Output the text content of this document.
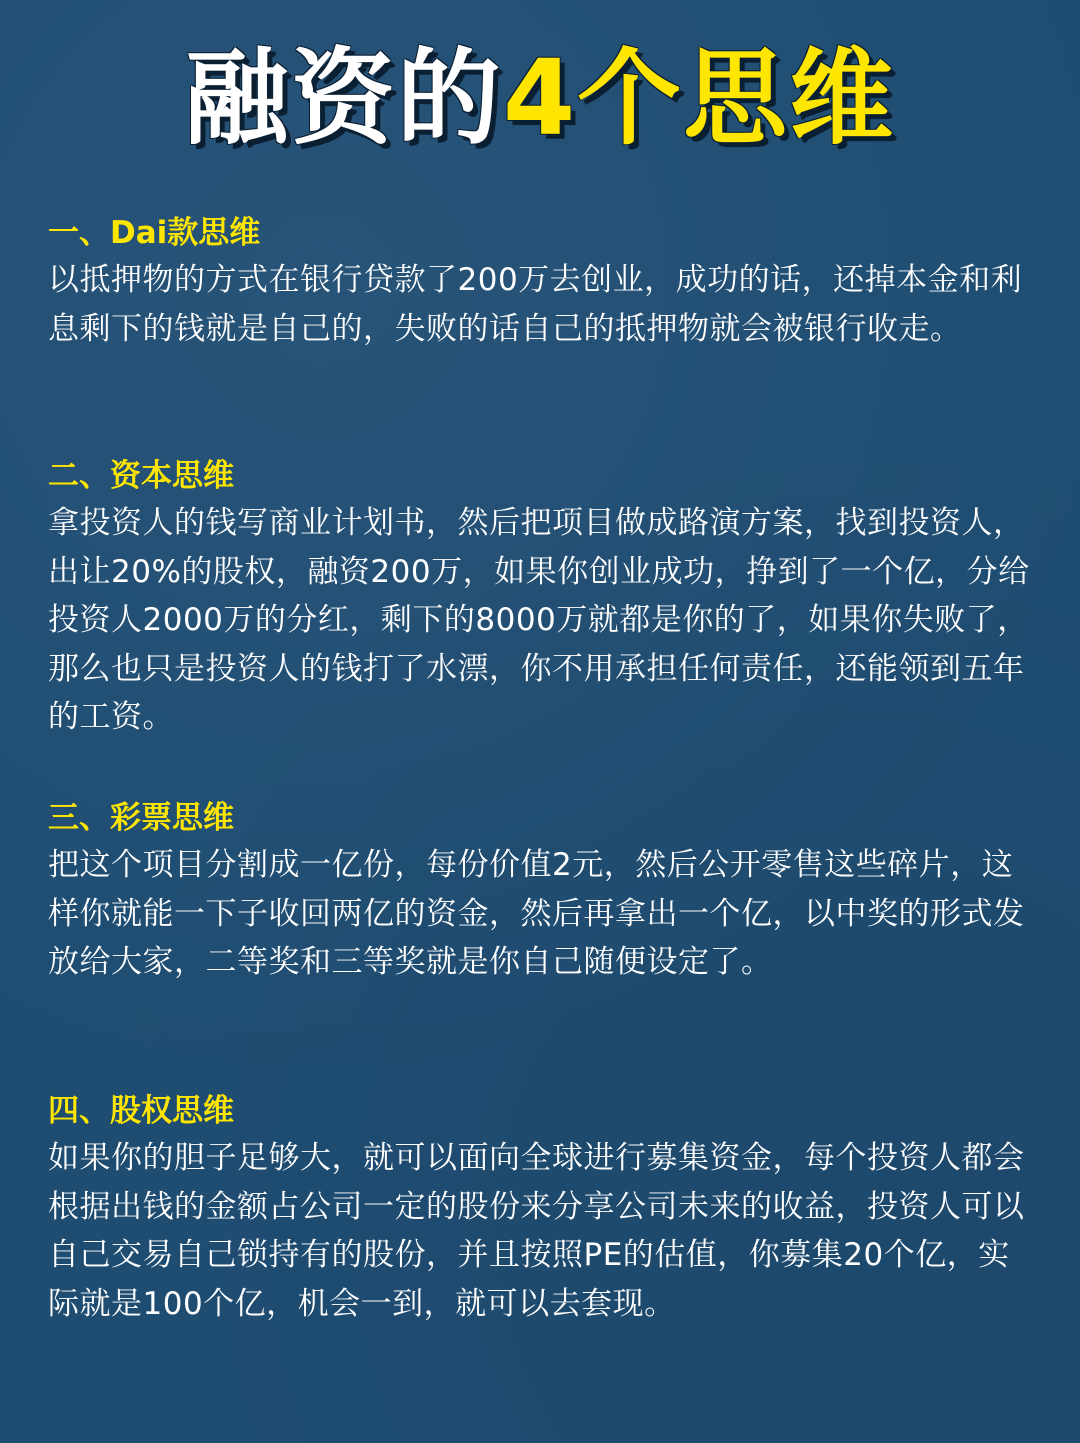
融资的4个思维
一、Dai款思维
以抵押物的方式在银行贷款了200万去创业，成功的话，还掉本金和利息剩下的钱就是自己的，失败的话自己的抵押物就会被银行收走。
二、资本思维
拿投资人的钱写商业计划书，然后把项目做成路演方案，找到投资人，出让20%的股权，融资200万，如果你创业成功，挣到了一个亿，分给投资人2000万的分红，剩下的8000万就都是你的了，如果你失败了，那么也只是投资人的钱打了水漂，你不用承担任何责任，还能领到五年的工资。
三、彩票思维
把这个项目分割成一亿份，每份价值2元，然后公开零售这些碎片，这样你就能一下子收回两亿的资金，然后再拿出一个亿，以中奖的形式发放给大家，二等奖和三等奖就是你自己随便设定了。
四、股权思维
如果你的胆子足够大，就可以面向全球进行募集资金，每个投资人都会根据出钱的金额占公司一定的股份来分享公司未来的收益，投资人可以自己交易自己锁持有的股份，并且按照PE的估值，你募集20个亿，实际就是100个亿，机会一到，就可以去套现。
